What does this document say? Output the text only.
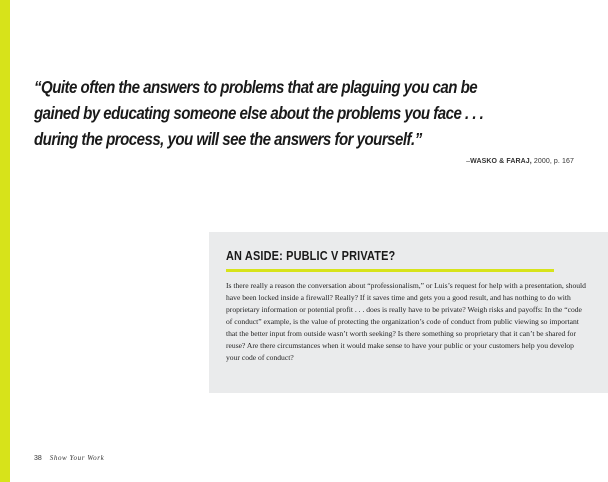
“Quite often the answers to problems that are plaguing you can be gained by educating someone else about the problems you face . . . during the process, you will see the answers for yourself.”

–WASKO & FARAJ, 2000, p. 167
AN ASIDE: PUBLIC V PRIVATE?

Is there really a reason the conversation about “professionalism,” or Luis’s request for help with a presentation, should have been locked inside a firewall? Really? If it saves time and gets you a good result, and has nothing to do with proprietary information or potential profit . . . does is really have to be private? Weigh risks and payoffs: In the “code of conduct” example, is the value of protecting the organization’s code of conduct from public viewing so important that the better input from outside wasn’t worth seeking? Is there something so proprietary that it can’t be shared for reuse? Are there circumstances when it would make sense to have your public or your customers help you develop your code of conduct?

38 Show Your Work
